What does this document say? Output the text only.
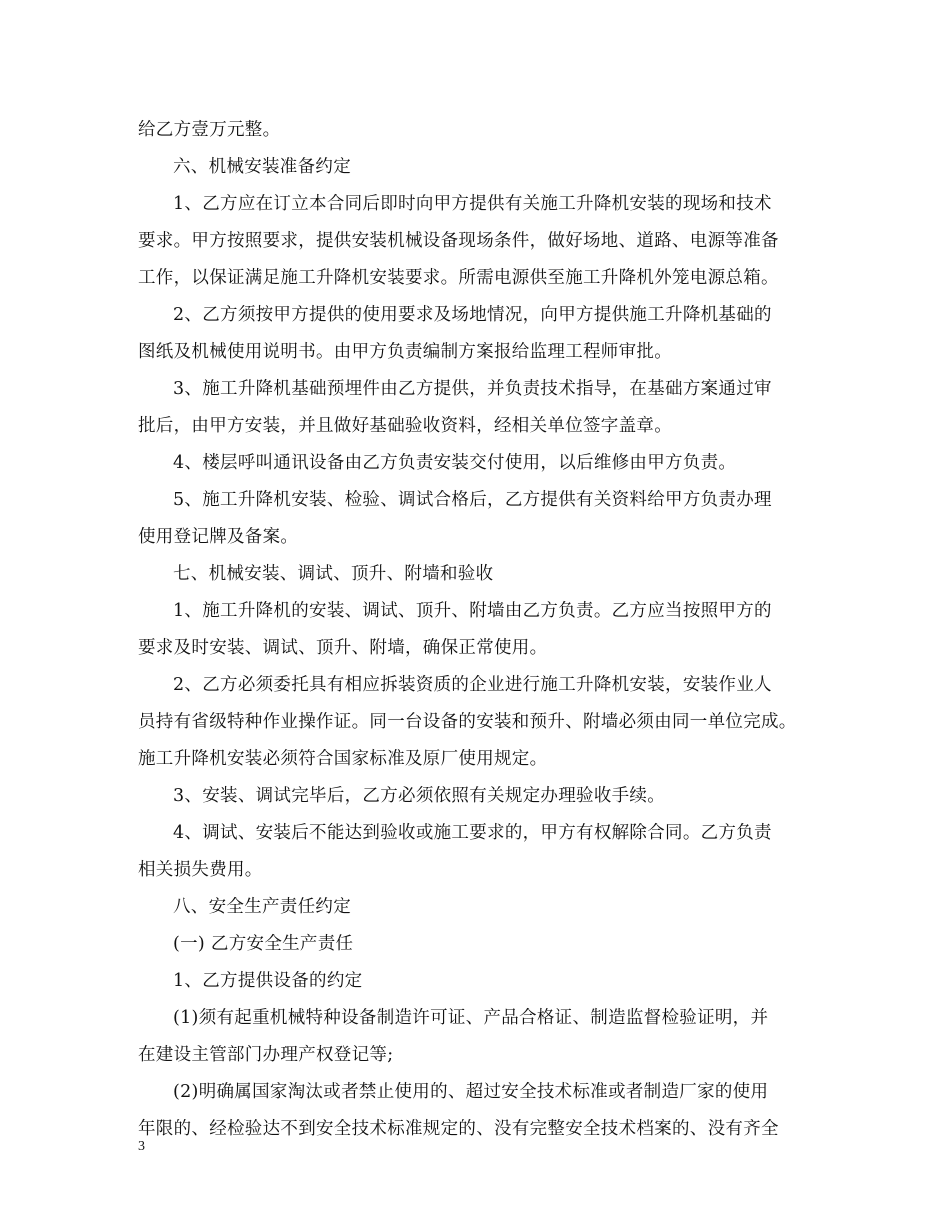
给乙方壹万元整。
六、机械安装准备约定
1、乙方应在订立本合同后即时向甲方提供有关施工升降机安装的现场和技术
要求。甲方按照要求，提供安装机械设备现场条件，做好场地、道路、电源等准备
工作，以保证满足施工升降机安装要求。所需电源供至施工升降机外笼电源总箱。
2、乙方须按甲方提供的使用要求及场地情况，向甲方提供施工升降机基础的
图纸及机械使用说明书。由甲方负责编制方案报给监理工程师审批。
3、施工升降机基础预埋件由乙方提供，并负责技术指导，在基础方案通过审
批后，由甲方安装，并且做好基础验收资料，经相关单位签字盖章。
4、楼层呼叫通讯设备由乙方负责安装交付使用，以后维修由甲方负责。
5、施工升降机安装、检验、调试合格后，乙方提供有关资料给甲方负责办理
使用登记牌及备案。
七、机械安装、调试、顶升、附墙和验收
1、施工升降机的安装、调试、顶升、附墙由乙方负责。乙方应当按照甲方的
要求及时安装、调试、顶升、附墙，确保正常使用。
2、乙方必须委托具有相应拆装资质的企业进行施工升降机安装，安装作业人
员持有省级特种作业操作证。同一台设备的安装和预升、附墙必须由同一单位完成。
施工升降机安装必须符合国家标准及原厂使用规定。
3、安装、调试完毕后，乙方必须依照有关规定办理验收手续。
4、调试、安装后不能达到验收或施工要求的，甲方有权解除合同。乙方负责
相关损失费用。
八、安全生产责任约定
(一) 乙方安全生产责任
1、乙方提供设备的约定
(1)须有起重机械特种设备制造许可证、产品合格证、制造监督检验证明，并
在建设主管部门办理产权登记等;
(2)明确属国家淘汰或者禁止使用的、超过安全技术标准或者制造厂家的使用
年限的、经检验达不到安全技术标准规定的、没有完整安全技术档案的、没有齐全
3
